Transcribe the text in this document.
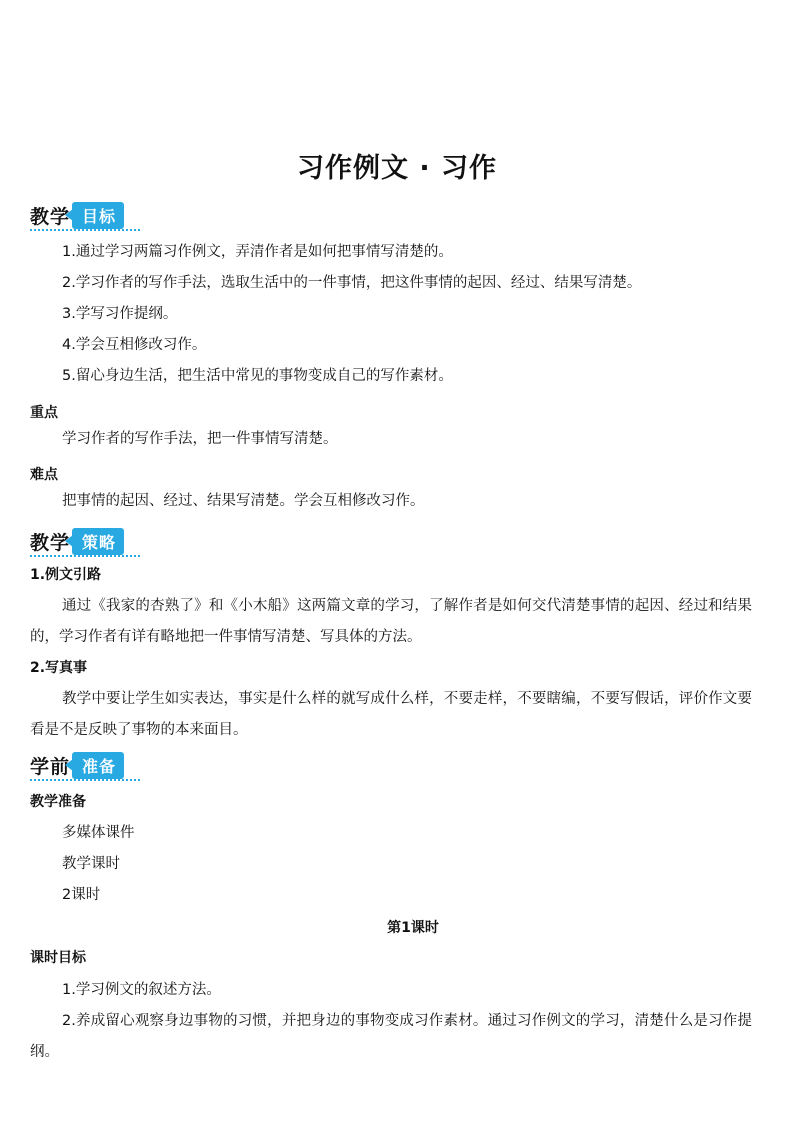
习作例文 · 习作
教学 目标
1.通过学习两篇习作例文，弄清作者是如何把事情写清楚的。
2.学习作者的写作手法，选取生活中的一件事情，把这件事情的起因、经过、结果写清楚。
3.学写习作提纲。
4.学会互相修改习作。
5.留心身边生活，把生活中常见的事物变成自己的写作素材。
重点
学习作者的写作手法，把一件事情写清楚。
难点
把事情的起因、经过、结果写清楚。学会互相修改习作。
教学 策略
1.例文引路
通过《我家的杏熟了》和《小木船》这两篇文章的学习，了解作者是如何交代清楚事情的起因、经过和结果的，学习作者有详有略地把一件事情写清楚、写具体的方法。
2.写真事
教学中要让学生如实表达，事实是什么样的就写成什么样，不要走样，不要瞎编，不要写假话，评价作文要看是不是反映了事物的本来面目。
学前 准备
教学准备
多媒体课件
教学课时
2课时
第1课时
课时目标
1.学习例文的叙述方法。
2.养成留心观察身边事物的习惯，并把身边的事物变成习作素材。通过习作例文的学习，清楚什么是习作提纲。
